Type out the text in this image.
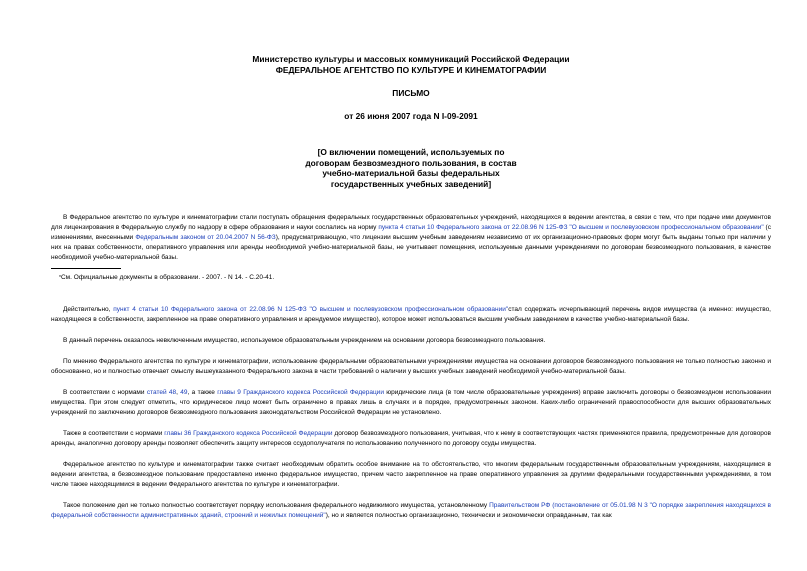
Министерство культуры и массовых коммуникаций Российской Федерации

ФЕДЕРАЛЬНОЕ АГЕНТСТВО ПО КУЛЬТУРЕ И КИНЕМАТОГРАФИИ

ПИСЬМО

от 26 июня 2007 года N I-09-2091

[О включении помещений, используемых по

договорам безвозмездного пользования, в состав

учебно-материальной базы федеральных

государственных учебных заведений]

В Федеральное агентство по культуре и кинематографии стали поступать обращения федеральных государственных образовательных учреждений, находящихся в ведении агентства, в связи с тем, что при подаче ими документов для лицензирования в Федеральную службу по надзору в сфере образования и науки сослались на норму пункта 4 статьи 10 Федерального закона от 22.08.96 N 125-ФЗ "О высшем и послевузовском профессиональном образовании" (с изменениями, внесенными Федеральным законом от 20.04.2007 N 56-ФЗ), предусматривающую, что лицензии высшим учебным заведениям независимо от их организационно-правовых форм могут быть выданы только при наличии у них на правах собственности, оперативного управления или аренды необходимой учебно-материальной базы, не учитывает помещения, используемые данными учреждениями по договорам безвозмездного пользования, в качестве необходимой учебно-материальной базы.

*См. Официальные документы в образовании. - 2007. - N 14. - С.20-41.

Действительно, пункт 4 статьи 10 Федерального закона от 22.08.96 N 125-ФЗ "О высшем и послевузовском профессиональном образовании"стал содержать исчерпывающий перечень видов имущества (а именно: имущество, находящееся в собственности, закрепленное на праве оперативного управления и арендуемое имущество), которое может использоваться высшим учебным заведением в качестве учебно-материальной базы.

В данный перечень оказалось невключенным имущество, используемое образовательным учреждением на основании договора безвозмездного пользования.

По мнению Федерального агентства по культуре и кинематографии, использование федеральными образовательными учреждениями имущества на основании договоров безвозмездного пользования не только полностью законно и обоснованно, но и полностью отвечает смыслу вышеуказанного Федерального закона в части требований о наличии у высших учебных заведений необходимой учебно-материальной базы.

В соответствии с нормами статей 48, 49, а также главы 9 Гражданского кодекса Российской Федерации юридические лица (в том числе образовательные учреждения) вправе заключить договоры о безвозмездном использовании имущества. При этом следует отметить, что юридическое лицо может быть ограничено в правах лишь в случаях и в порядке, предусмотренных законом. Каких-либо ограничений правоспособности для высших образовательных учреждений по заключению договоров безвозмездного пользования законодательством Российской Федерации не установлено.

Также в соответствии с нормами главы 36 Гражданского кодекса Российской Федерации договор безвозмездного пользования, учитывая, что к нему в соответствующих частях применяются правила, предусмотренные для договоров аренды, аналогично договору аренды позволяет обеспечить защиту интересов ссудополучателя по использованию полученного по договору ссуды имущества.

Федеральное агентство по культуре и кинематографии также считает необходимым обратить особое внимание на то обстоятельство, что многим федеральным государственным образовательным учреждениям, находящимся в ведении агентства, в безвозмездное пользование предоставлено именно федеральное имущество, причем часто закрепленное на праве оперативного управления за другими федеральными государственными учреждениями, в том числе также находящимися в ведении Федерального агентства по культуре и кинематографии.

Такое положение дел не только полностью соответствует порядку использования федерального недвижимого имущества, установленному Правительством РФ (постановление от 05.01.98 N 3 "О порядке закрепления находящихся в федеральной собственности административных зданий, строений и нежилых помещений"), но и является полностью организационно, технически и экономически оправданным, так как
